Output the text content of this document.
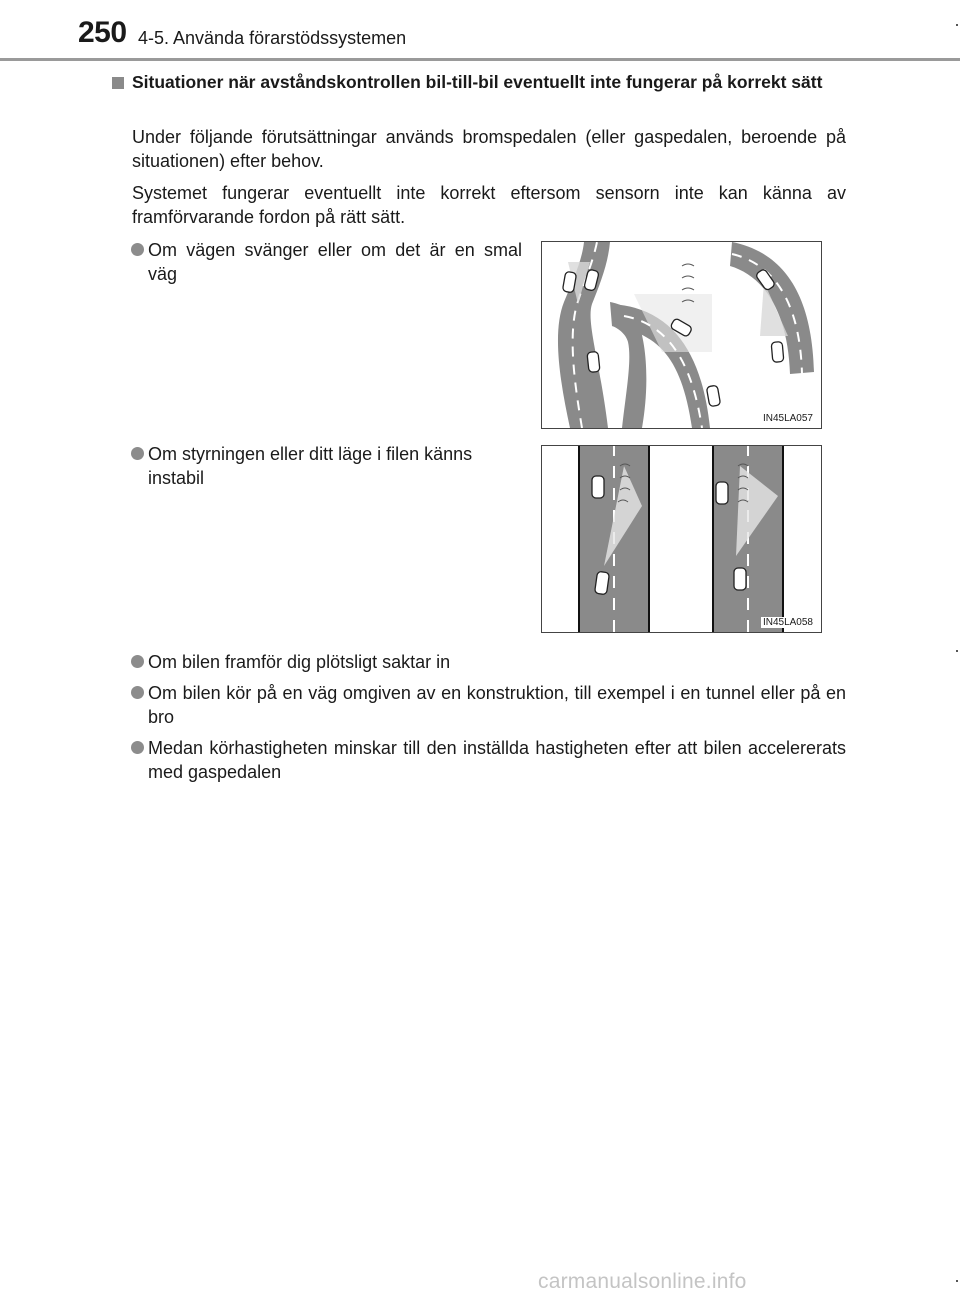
250 4-5. Använda förarstödssystemen
Situationer när avståndskontrollen bil-till-bil eventuellt inte fungerar på korrekt sätt
Under följande förutsättningar används bromspedalen (eller gaspedalen, beroende på situationen) efter behov.
Systemet fungerar eventuellt inte korrekt eftersom sensorn inte kan känna av framförvarande fordon på rätt sätt.
Om vägen svänger eller om det är en smal väg
IN45LA057
Om styrningen eller ditt läge i filen känns instabil
IN45LA058
Om bilen framför dig plötsligt saktar in
Om bilen kör på en väg omgiven av en konstruktion, till exempel i en tunnel eller på en bro
Medan körhastigheten minskar till den inställda hastigheten efter att bilen accelererats med gaspedalen
carmanualsonline.info
